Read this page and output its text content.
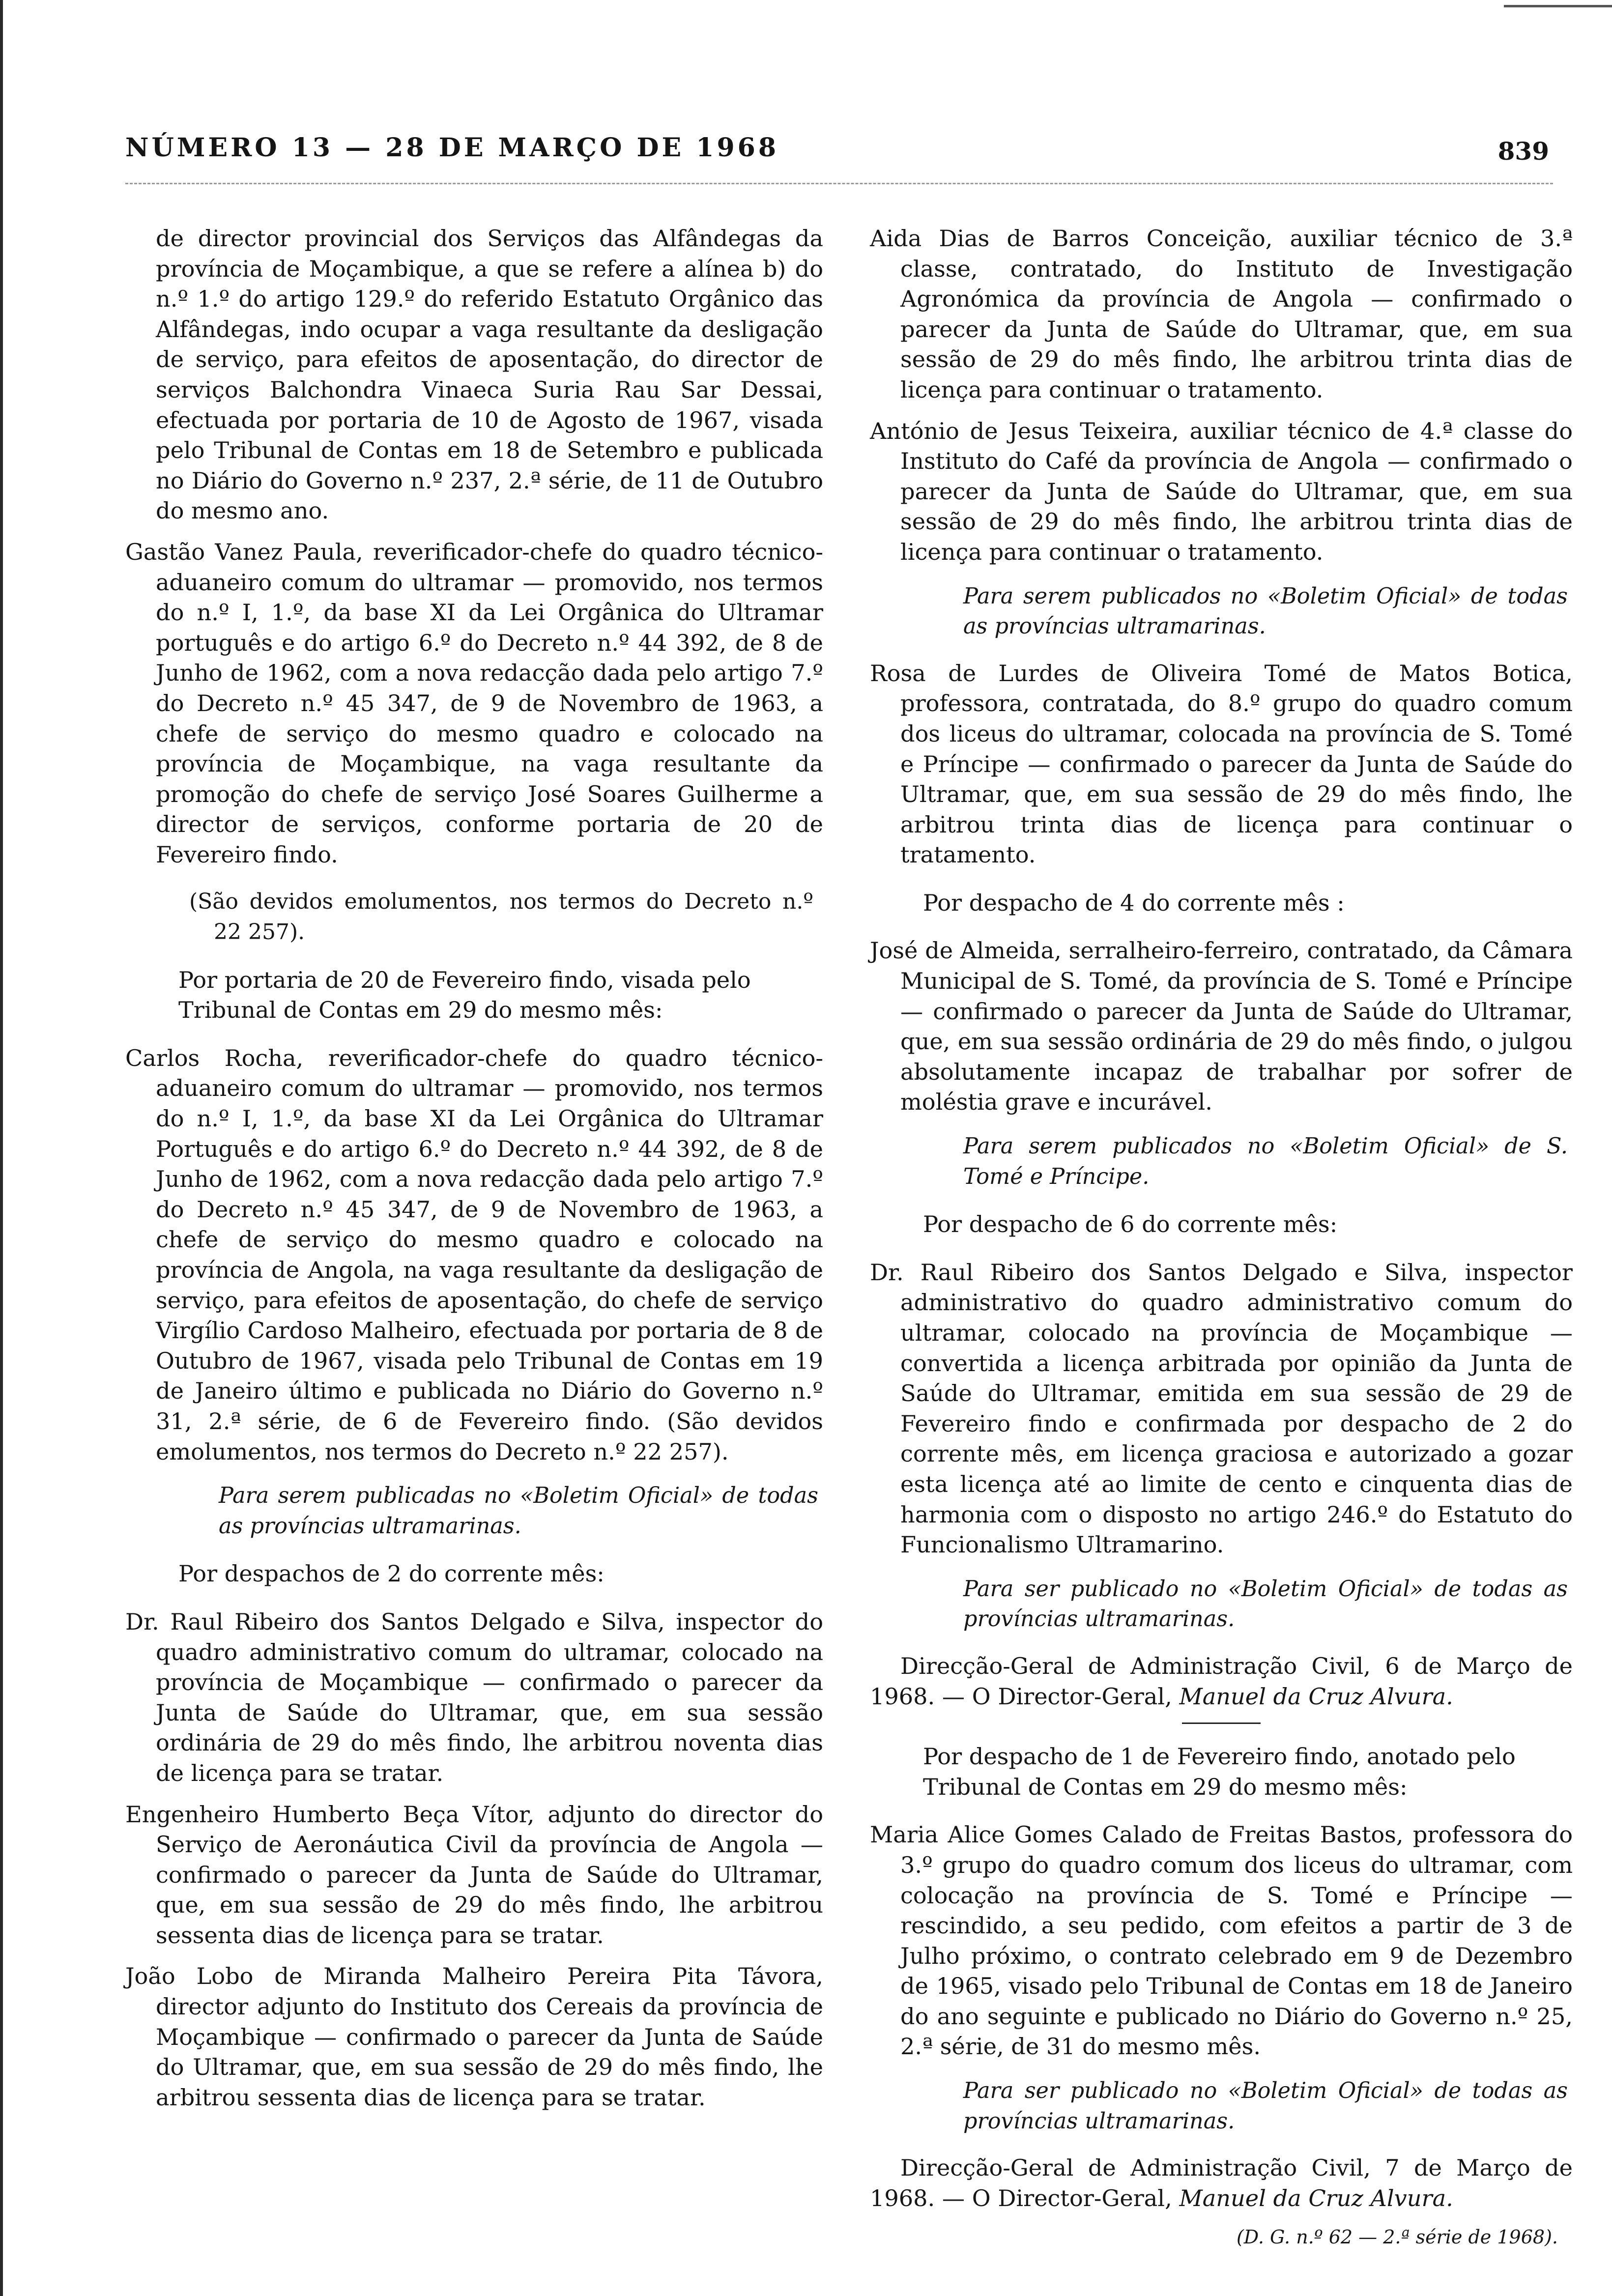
NÚMERO 13 — 28 DE MARÇO DE 1968	839

de director provincial dos Serviços das Alfândegas da província de Moçambique, a que se refere a alínea b) do n.º 1.º do artigo 129.º do referido Estatuto Orgânico das Alfândegas, indo ocupar a vaga resultante da desligação de serviço, para efeitos de aposentação, do director de serviços Balchondra Vinaeca Suria Rau Sar Dessai, efectuada por portaria de 10 de Agosto de 1967, visada pelo Tribunal de Contas em 18 de Setembro e publicada no Diário do Governo n.º 237, 2.ª série, de 11 de Outubro do mesmo ano.

Gastão Vanez Paula, reverificador-chefe do quadro técnico-aduaneiro comum do ultramar — promovido, nos termos do n.º I, 1.º, da base XI da Lei Orgânica do Ultramar português e do artigo 6.º do Decreto n.º 44 392, de 8 de Junho de 1962, com a nova redacção dada pelo artigo 7.º do Decreto n.º 45 347, de 9 de Novembro de 1963, a chefe de serviço do mesmo quadro e colocado na província de Moçambique, na vaga resultante da promoção do chefe de serviço José Soares Guilherme a director de serviços, conforme portaria de 20 de Fevereiro findo.

(São devidos emolumentos, nos termos do Decreto n.º 22 257).

Por portaria de 20 de Fevereiro findo, visada pelo Tribunal de Contas em 29 do mesmo mês:

Carlos Rocha, reverificador-chefe do quadro técnico-aduaneiro comum do ultramar — promovido, nos termos do n.º I, 1.º, da base XI da Lei Orgânica do Ultramar Português e do artigo 6.º do Decreto n.º 44 392, de 8 de Junho de 1962, com a nova redacção dada pelo artigo 7.º do Decreto n.º 45 347, de 9 de Novembro de 1963, a chefe de serviço do mesmo quadro e colocado na província de Angola, na vaga resultante da desligação de serviço, para efeitos de aposentação, do chefe de serviço Virgílio Cardoso Malheiro, efectuada por portaria de 8 de Outubro de 1967, visada pelo Tribunal de Contas em 19 de Janeiro último e publicada no Diário do Governo n.º 31, 2.ª série, de 6 de Fevereiro findo. (São devidos emolumentos, nos termos do Decreto n.º 22 257).

Para serem publicadas no «Boletim Oficial» de todas as províncias ultramarinas.

Por despachos de 2 do corrente mês:

Dr. Raul Ribeiro dos Santos Delgado e Silva, inspector do quadro administrativo comum do ultramar, colocado na província de Moçambique — confirmado o parecer da Junta de Saúde do Ultramar, que, em sua sessão ordinária de 29 do mês findo, lhe arbitrou noventa dias de licença para se tratar.

Engenheiro Humberto Beça Vítor, adjunto do director do Serviço de Aeronáutica Civil da província de Angola — confirmado o parecer da Junta de Saúde do Ultramar, que, em sua sessão de 29 do mês findo, lhe arbitrou sessenta dias de licença para se tratar.

João Lobo de Miranda Malheiro Pereira Pita Távora, director adjunto do Instituto dos Cereais da província de Moçambique — confirmado o parecer da Junta de Saúde do Ultramar, que, em sua sessão de 29 do mês findo, lhe arbitrou sessenta dias de licença para se tratar.

Aida Dias de Barros Conceição, auxiliar técnico de 3.ª classe, contratado, do Instituto de Investigação Agronómica da província de Angola — confirmado o parecer da Junta de Saúde do Ultramar, que, em sua sessão de 29 do mês findo, lhe arbitrou trinta dias de licença para continuar o tratamento.

António de Jesus Teixeira, auxiliar técnico de 4.ª classe do Instituto do Café da província de Angola — confirmado o parecer da Junta de Saúde do Ultramar, que, em sua sessão de 29 do mês findo, lhe arbitrou trinta dias de licença para continuar o tratamento.

Para serem publicados no «Boletim Oficial» de todas as províncias ultramarinas.

Rosa de Lurdes de Oliveira Tomé de Matos Botica, professora, contratada, do 8.º grupo do quadro comum dos liceus do ultramar, colocada na província de S. Tomé e Príncipe — confirmado o parecer da Junta de Saúde do Ultramar, que, em sua sessão de 29 do mês findo, lhe arbitrou trinta dias de licença para continuar o tratamento.

Por despacho de 4 do corrente mês :

José de Almeida, serralheiro-ferreiro, contratado, da Câmara Municipal de S. Tomé, da província de S. Tomé e Príncipe — confirmado o parecer da Junta de Saúde do Ultramar, que, em sua sessão ordinária de 29 do mês findo, o julgou absolutamente incapaz de trabalhar por sofrer de moléstia grave e incurável.

Para serem publicados no «Boletim Oficial» de S. Tomé e Príncipe.

Por despacho de 6 do corrente mês:

Dr. Raul Ribeiro dos Santos Delgado e Silva, inspector administrativo do quadro administrativo comum do ultramar, colocado na província de Moçambique — convertida a licença arbitrada por opinião da Junta de Saúde do Ultramar, emitida em sua sessão de 29 de Fevereiro findo e confirmada por despacho de 2 do corrente mês, em licença graciosa e autorizado a gozar esta licença até ao limite de cento e cinquenta dias de harmonia com o disposto no artigo 246.º do Estatuto do Funcionalismo Ultramarino.

Para ser publicado no «Boletim Oficial» de todas as províncias ultramarinas.

Direcção-Geral de Administração Civil, 6 de Março de 1968. — O Director-Geral, Manuel da Cruz Alvura.

Por despacho de 1 de Fevereiro findo, anotado pelo Tribunal de Contas em 29 do mesmo mês:

Maria Alice Gomes Calado de Freitas Bastos, professora do 3.º grupo do quadro comum dos liceus do ultramar, com colocação na província de S. Tomé e Príncipe — rescindido, a seu pedido, com efeitos a partir de 3 de Julho próximo, o contrato celebrado em 9 de Dezembro de 1965, visado pelo Tribunal de Contas em 18 de Janeiro do ano seguinte e publicado no Diário do Governo n.º 25, 2.ª série, de 31 do mesmo mês.

Para ser publicado no «Boletim Oficial» de todas as províncias ultramarinas.

Direcção-Geral de Administração Civil, 7 de Março de 1968. — O Director-Geral, Manuel da Cruz Alvura.

(D. G. n.º 62 — 2.ª série de 1968).
